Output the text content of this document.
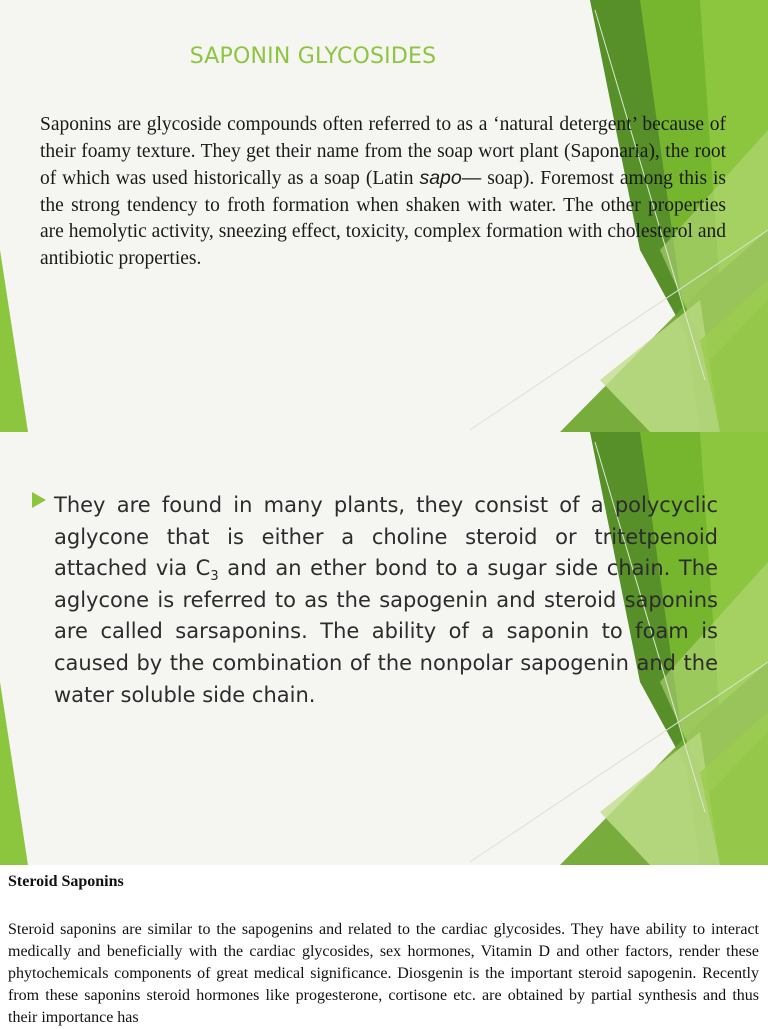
SAPONIN GLYCOSIDES
Saponins are glycoside compounds often referred to as a ‘natural detergent’ because of their foamy texture. They get their name from the soap wort plant (Saponaria), the root of which was used historically as a soap (Latin sapo— soap). Foremost among this is the strong tendency to froth formation when shaken with water. The other properties are hemolytic activity, sneezing effect, toxicity, complex formation with cholesterol and antibiotic properties.
They are found in many plants, they consist of a polycyclic aglycone that is either a choline steroid or tritetpenoid attached via $C_3$ and an ether bond to a sugar side chain. The aglycone is referred to as the sapogenin and steroid saponins are called sarsaponins. The ability of a saponin to foam is caused by the combination of the nonpolar sapogenin and the water soluble side chain.
Steroid Saponins
Steroid saponins are similar to the sapogenins and related to the cardiac glycosides. They have ability to interact medically and beneficially with the cardiac glycosides, sex hormones, Vitamin D and other factors, render these phytochemicals components of great medical significance. Diosgenin is the important steroid sapogenin. Recently from these saponins steroid hormones like progesterone, cortisone etc. are obtained by partial synthesis and thus their importance has
